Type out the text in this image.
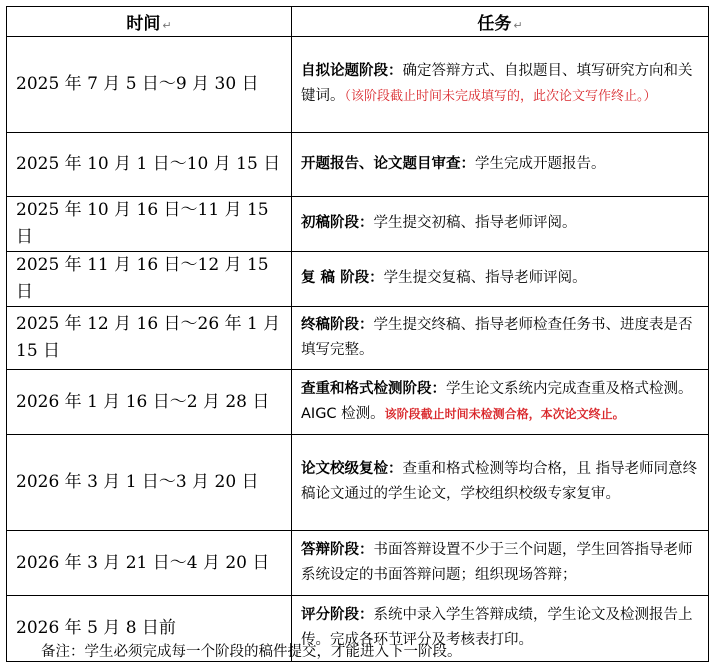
时间 ↵	任务 ↵
2025 年 7 月 5 日～9 月 30 日	自拟论题阶段：确定答辩方式、自拟题目、填写研究方向和关键词。（该阶段截止时间未完成填写的，此次论文写作终止。）
2025 年 10 月 1 日～10 月 15 日	开题报告、论文题目审查：学生完成开题报告。
2025 年 10 月 16 日～11 月 15 日	初稿阶段：学生提交初稿、指导老师评阅。
2025 年 11 月 16 日～12 月 15 日	复 稿 阶段：学生提交复稿、指导老师评阅。
2025 年 12 月 16 日～26 年 1 月 15 日	终稿阶段：学生提交终稿、指导老师检查任务书、进度表是否填写完整。
2026 年 1 月 16 日～2 月 28 日	查重和格式检测阶段：学生论文系统内完成查重及格式检测。AIGC 检测。该阶段截止时间未检测合格，本次论文终止。
2026 年 3 月 1 日～3 月 20 日	论文校级复检：查重和格式检测等均合格，且 指导老师同意终稿论文通过的学生论文，学校组织校级专家复审。
2026 年 3 月 21 日～4 月 20 日	答辩阶段：书面答辩设置不少于三个问题，学生回答指导老师系统设定的书面答辩问题；组织现场答辩；
2026 年 5 月 8 日前	评分阶段：系统中录入学生答辩成绩，学生论文及检测报告上传。完成各环节评分及考核表打印。
备注：学生必须完成每一个阶段的稿件提交，才能进入下一阶段。
